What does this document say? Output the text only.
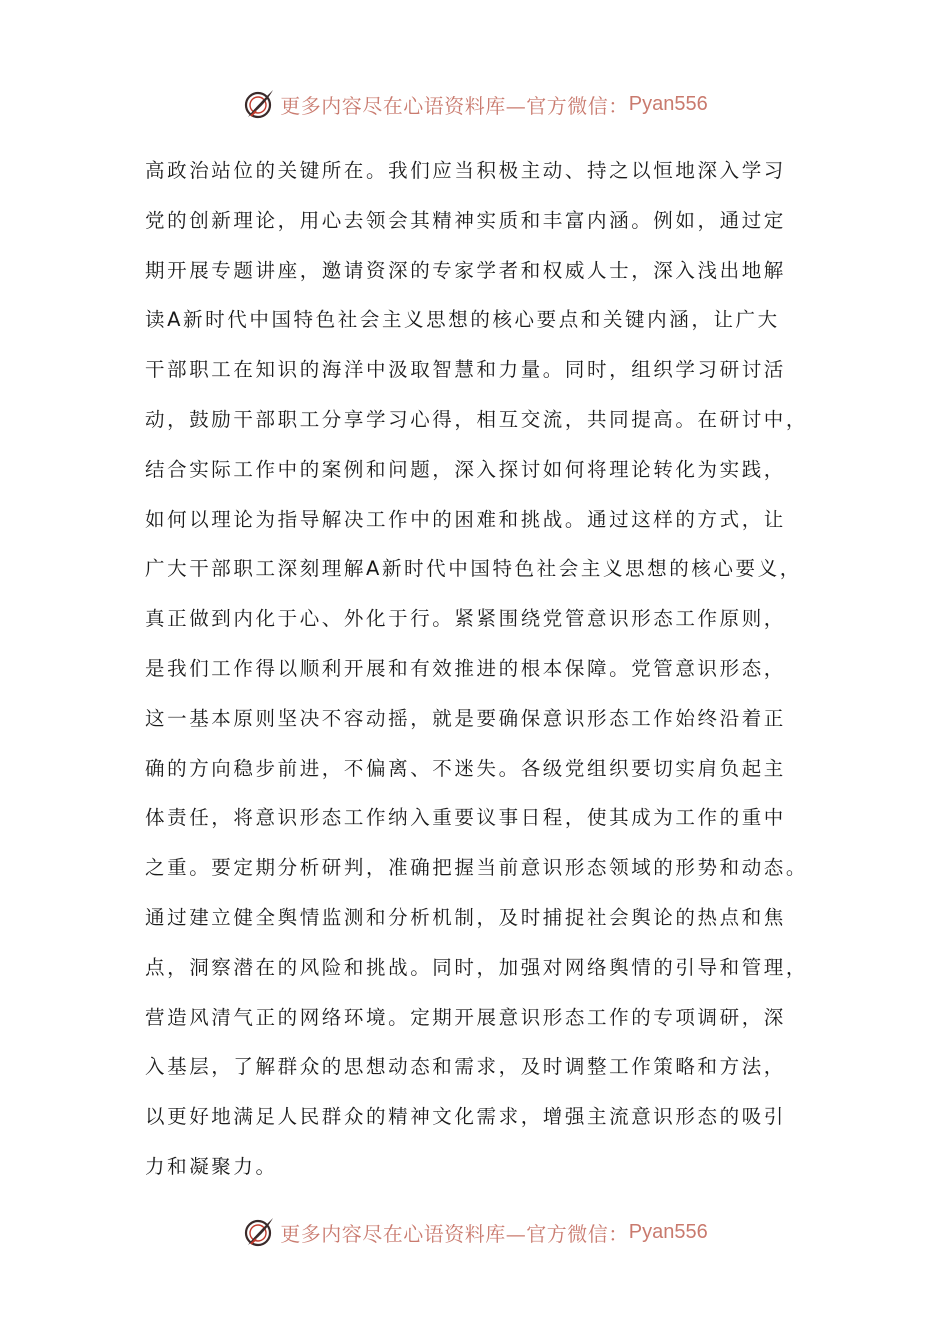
更多内容尽在心语资料库—官方微信： Pyan556
高政治站位的关键所在。我们应当积极主动、持之以恒地深入学习
党的创新理论，用心去领会其精神实质和丰富内涵。例如，通过定
期开展专题讲座，邀请资深的专家学者和权威人士，深入浅出地解
读A新时代中国特色社会主义思想的核心要点和关键内涵，让广大
干部职工在知识的海洋中汲取智慧和力量。同时，组织学习研讨活
动，鼓励干部职工分享学习心得，相互交流，共同提高。在研讨中，
结合实际工作中的案例和问题，深入探讨如何将理论转化为实践，
如何以理论为指导解决工作中的困难和挑战。通过这样的方式，让
广大干部职工深刻理解A新时代中国特色社会主义思想的核心要义，
真正做到内化于心、外化于行。紧紧围绕党管意识形态工作原则，
是我们工作得以顺利开展和有效推进的根本保障。党管意识形态，
这一基本原则坚决不容动摇，就是要确保意识形态工作始终沿着正
确的方向稳步前进，不偏离、不迷失。各级党组织要切实肩负起主
体责任，将意识形态工作纳入重要议事日程，使其成为工作的重中
之重。要定期分析研判，准确把握当前意识形态领域的形势和动态。
通过建立健全舆情监测和分析机制，及时捕捉社会舆论的热点和焦
点，洞察潜在的风险和挑战。同时，加强对网络舆情的引导和管理，
营造风清气正的网络环境。定期开展意识形态工作的专项调研，深
入基层，了解群众的思想动态和需求，及时调整工作策略和方法，
以更好地满足人民群众的精神文化需求，增强主流意识形态的吸引
力和凝聚力。
更多内容尽在心语资料库—官方微信： Pyan556
